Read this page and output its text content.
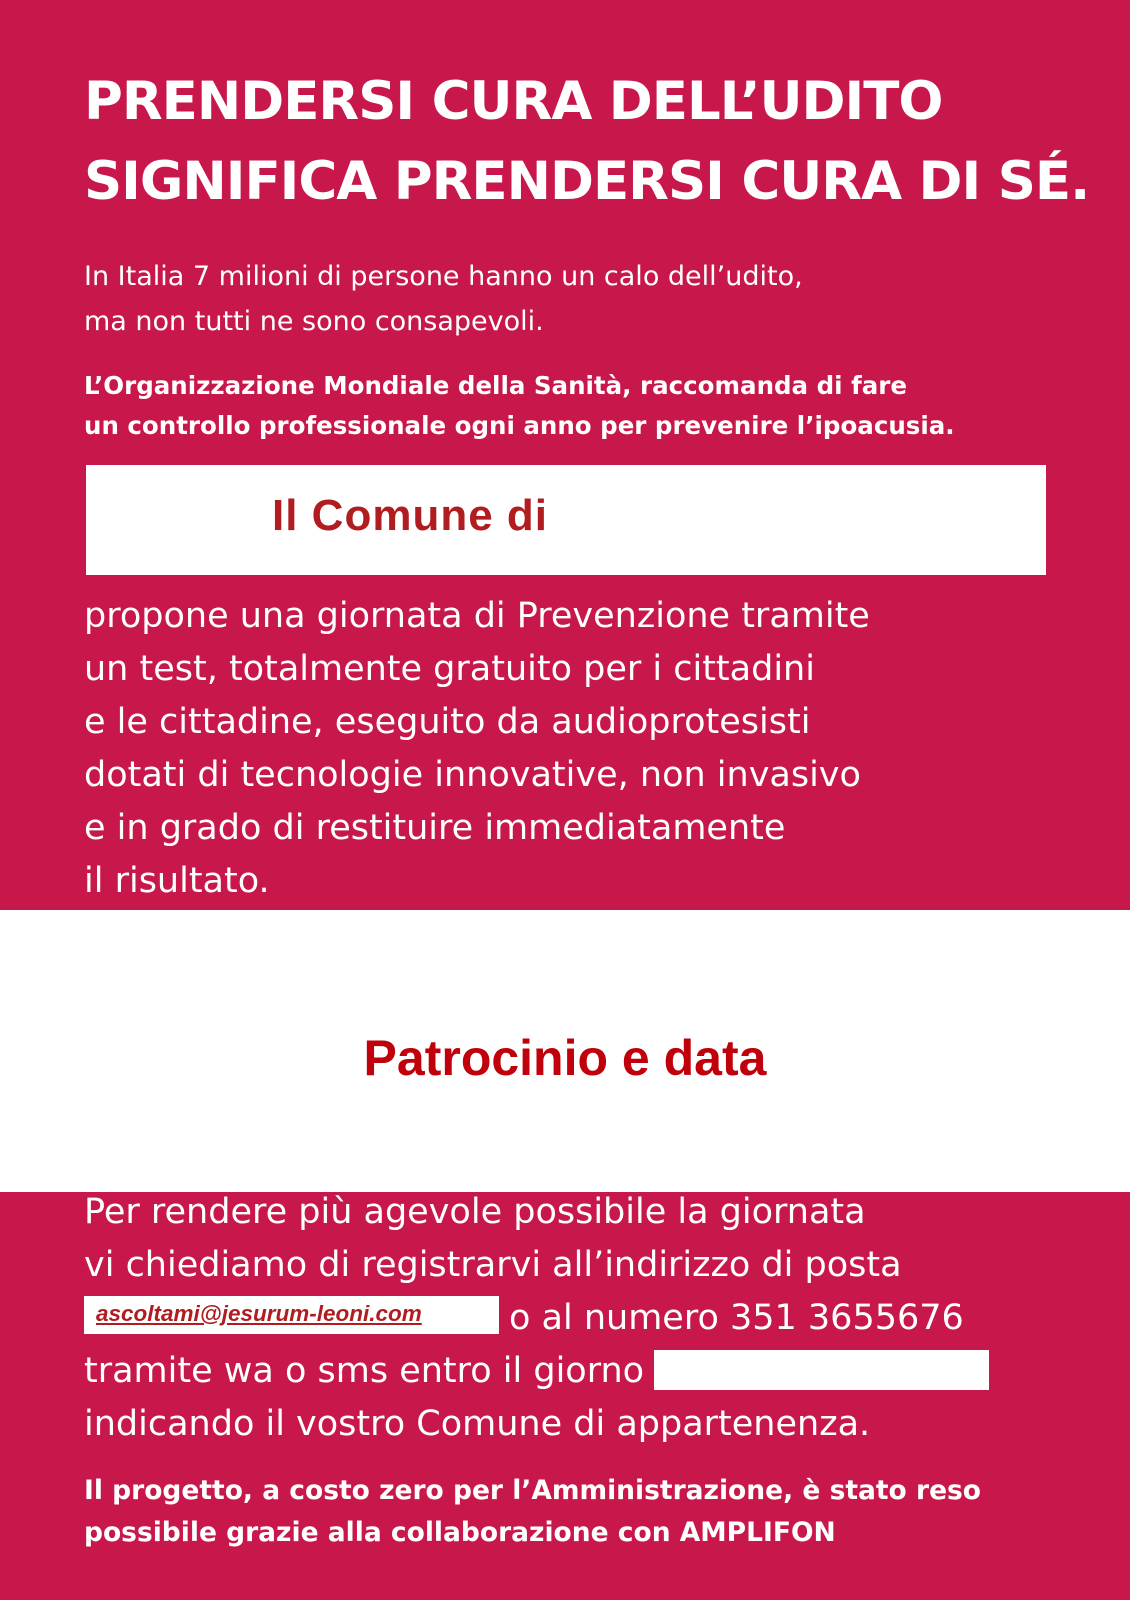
PRENDERSI CURA DELL’UDITO
SIGNIFICA PRENDERSI CURA DI SÉ.
In Italia 7 milioni di persone hanno un calo dell’udito,
ma non tutti ne sono consapevoli.
L’Organizzazione Mondiale della Sanità, raccomanda di fare
un controllo professionale ogni anno per prevenire l’ipoacusia.
Il Comune di
propone una giornata di Prevenzione tramite
un test, totalmente gratuito per i cittadini
e le cittadine, eseguito da audioprotesisti
dotati di tecnologie innovative, non invasivo
e in grado di restituire immediatamente
il risultato.
Patrocinio e data
Per rendere più agevole possibile la giornata
vi chiediamo di registrarvi all’indirizzo di posta
ascoltami@jesurum-leoni.com o al numero 351 3655676
tramite wa o sms entro il giorno
indicando il vostro Comune di appartenenza.
Il progetto, a costo zero per l’Amministrazione, è stato reso
possibile grazie alla collaborazione con AMPLIFON
